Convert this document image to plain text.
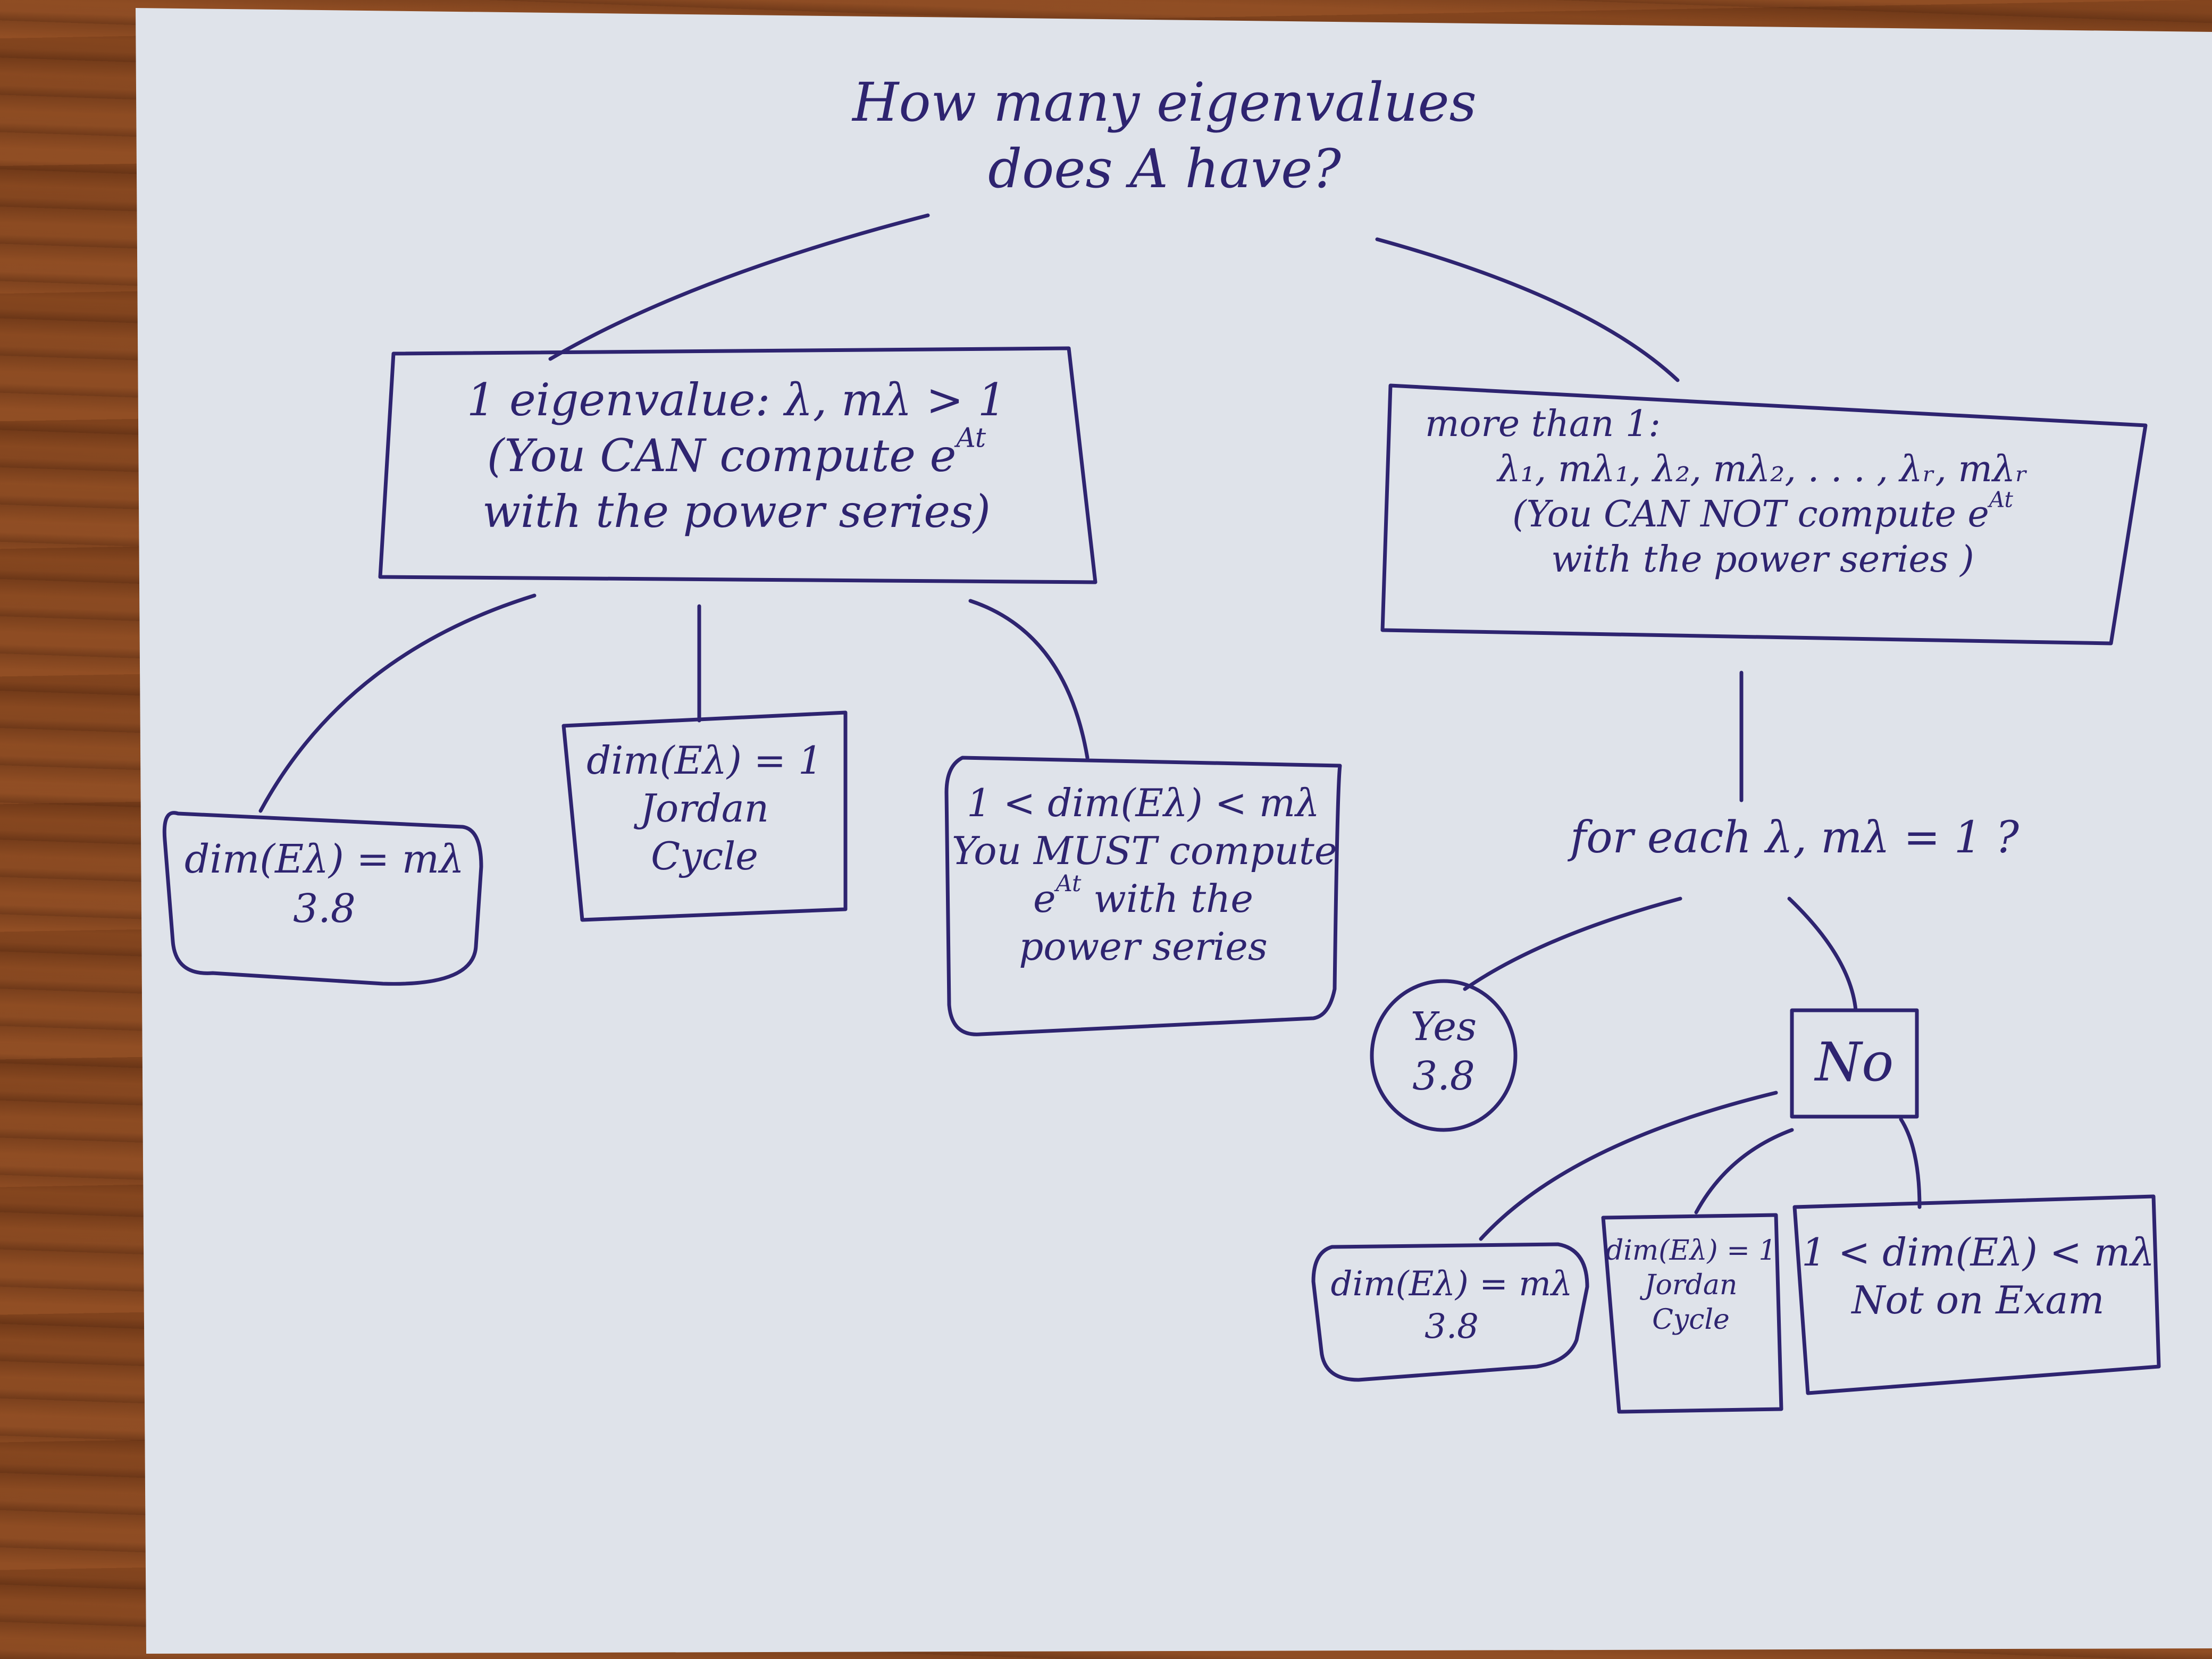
How many eigenvalues
does A have?
1 eigenvalue: λ, mλ > 1
(You CAN compute $e^{At}$
with the power series)
dim(Eλ) = mλ
3.8
dim(Eλ) = 1
Jordan
Cycle
1 < dim(Eλ) < mλ
You MUST compute
$e^{At}$ with the
power series
more than 1:
λ₁, mλ₁, λ₂, mλ₂, . . . , λᵣ, mλᵣ
(You CAN NOT compute $e^{At}$
with the power series )
for each λ, mλ = 1 ?
Yes
3.8	No
dim(Eλ) = mλ
3.8
dim(Eλ) = 1
Jordan
Cycle
1 < dim(Eλ) < mλ
Not on Exam
